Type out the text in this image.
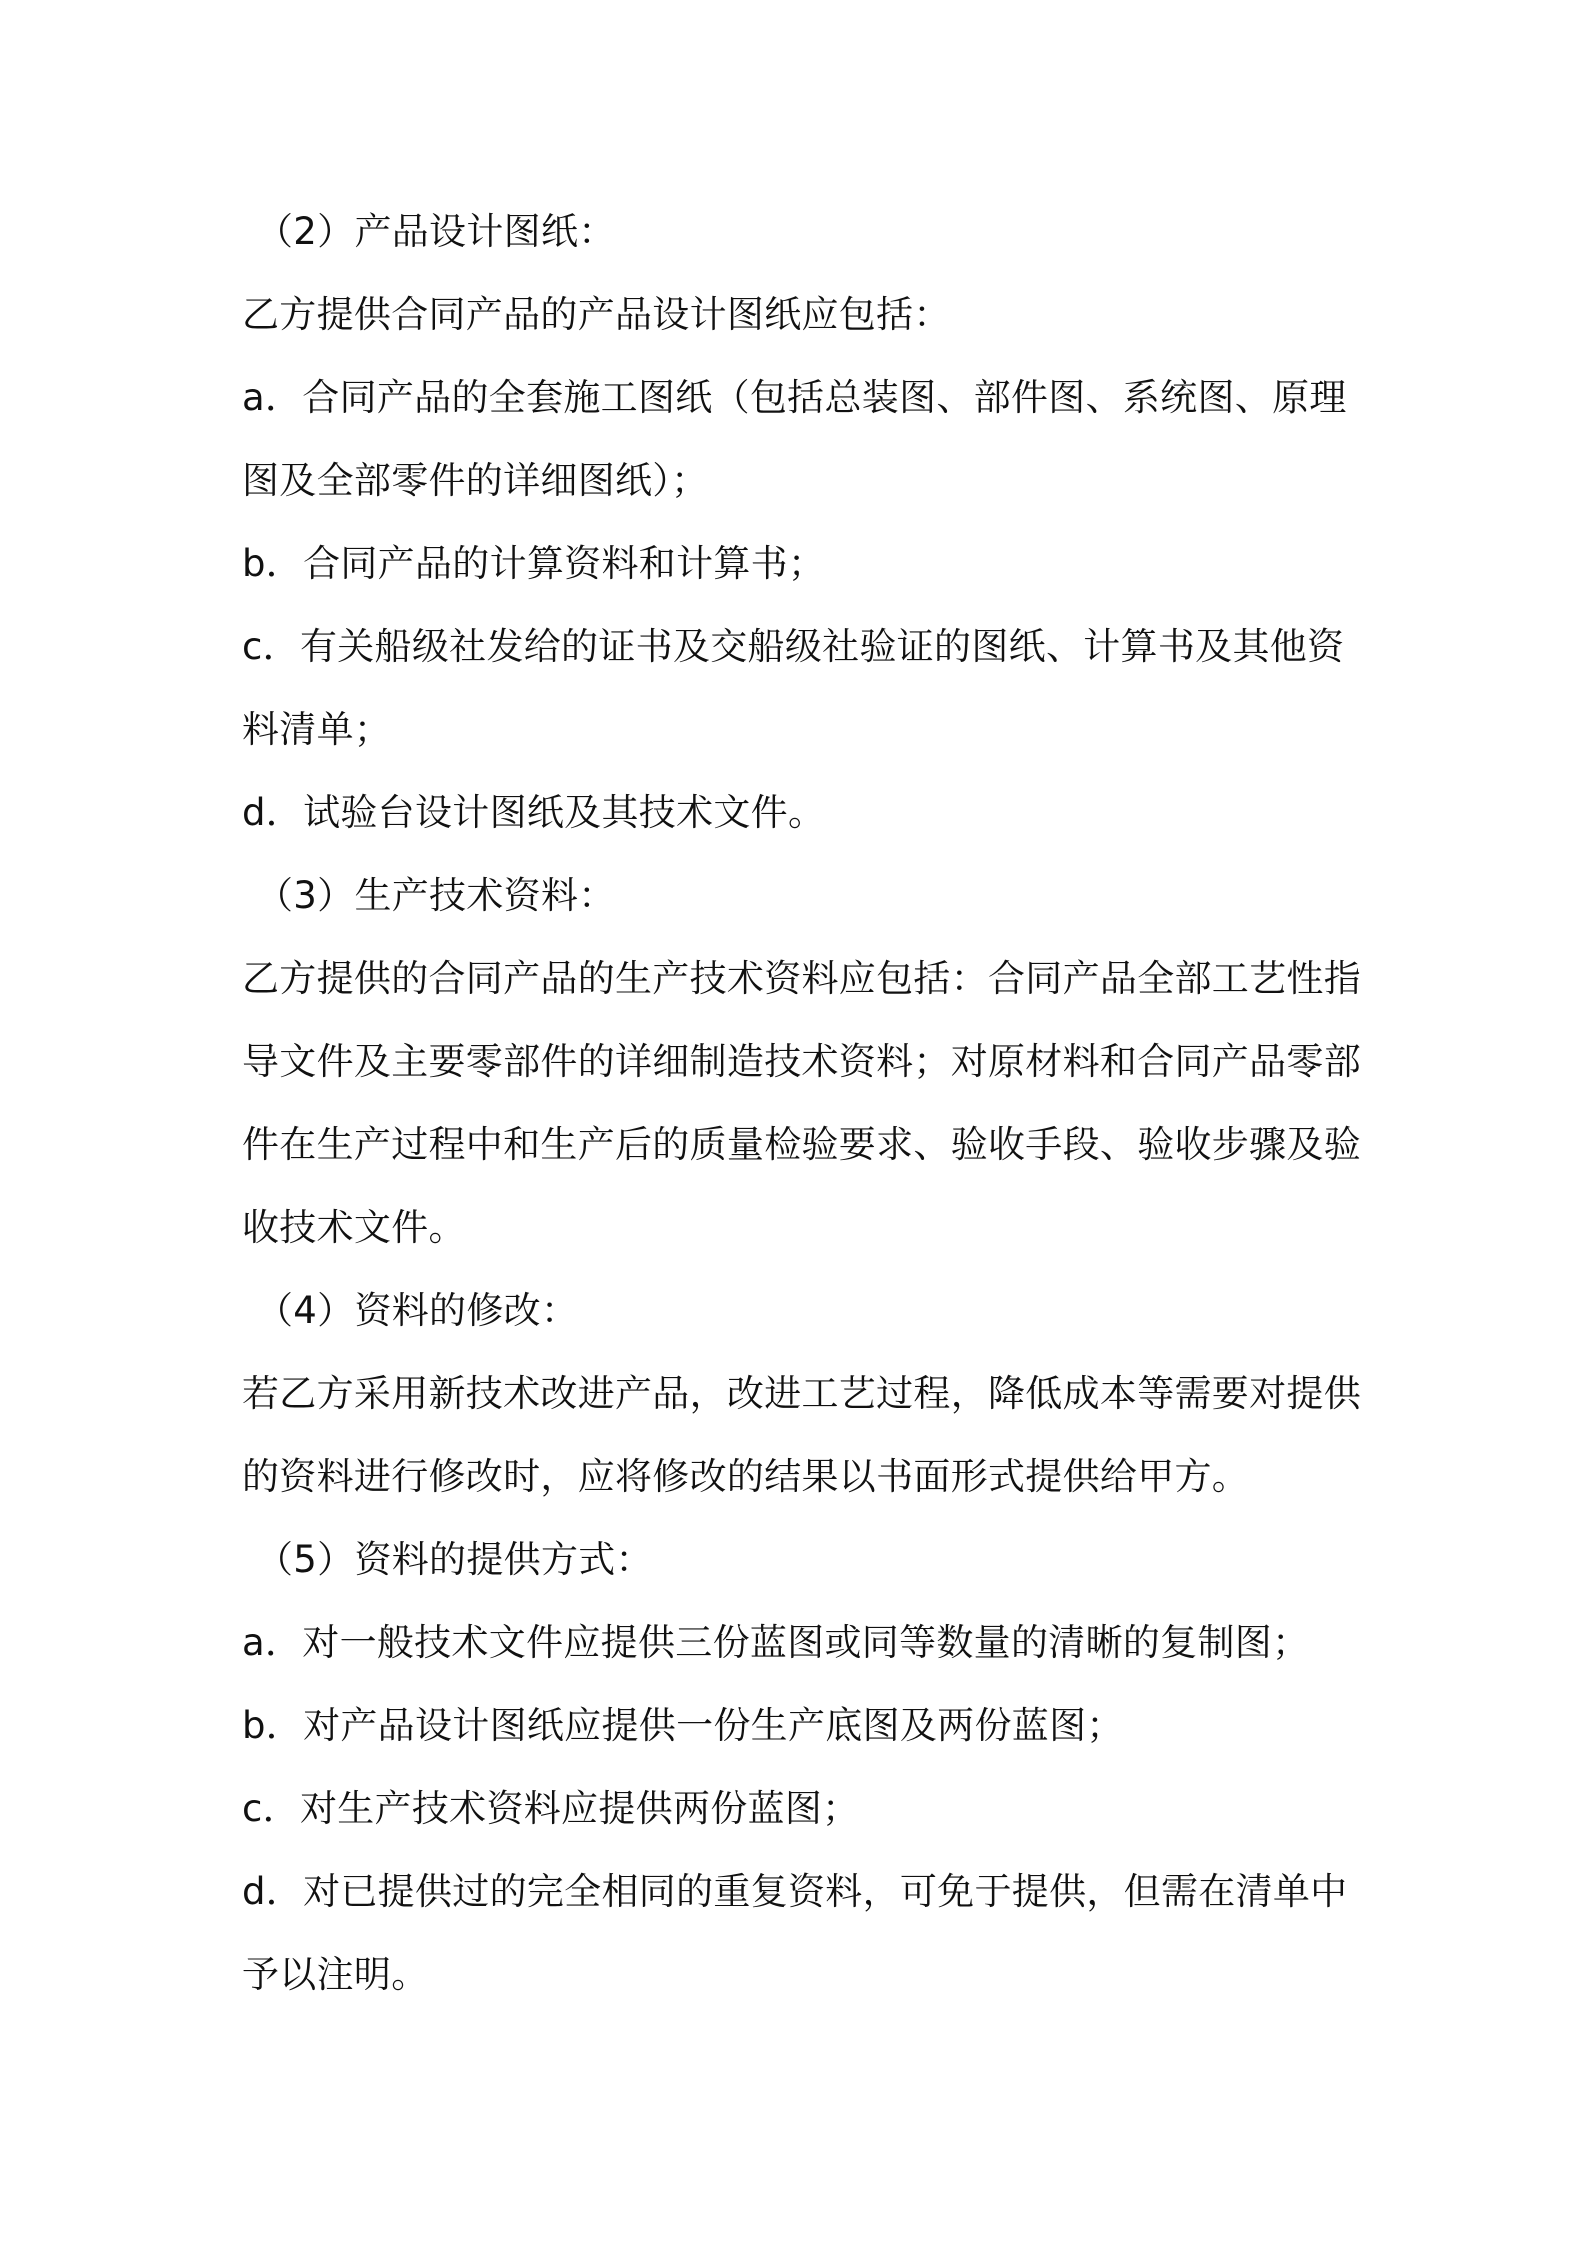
（2）产品设计图纸：
乙方提供合同产品的产品设计图纸应包括：
a．合同产品的全套施工图纸（包括总装图、部件图、系统图、原理
图及全部零件的详细图纸）；
b．合同产品的计算资料和计算书；
c．有关船级社发给的证书及交船级社验证的图纸、计算书及其他资
料清单；
d．试验台设计图纸及其技术文件。
（3）生产技术资料：
乙方提供的合同产品的生产技术资料应包括：合同产品全部工艺性指
导文件及主要零部件的详细制造技术资料；对原材料和合同产品零部
件在生产过程中和生产后的质量检验要求、验收手段、验收步骤及验
收技术文件。
（4）资料的修改：
若乙方采用新技术改进产品，改进工艺过程，降低成本等需要对提供
的资料进行修改时，应将修改的结果以书面形式提供给甲方。
（5）资料的提供方式：
a．对一般技术文件应提供三份蓝图或同等数量的清晰的复制图；
b．对产品设计图纸应提供一份生产底图及两份蓝图；
c．对生产技术资料应提供两份蓝图；
d．对已提供过的完全相同的重复资料，可免于提供，但需在清单中
予以注明。
